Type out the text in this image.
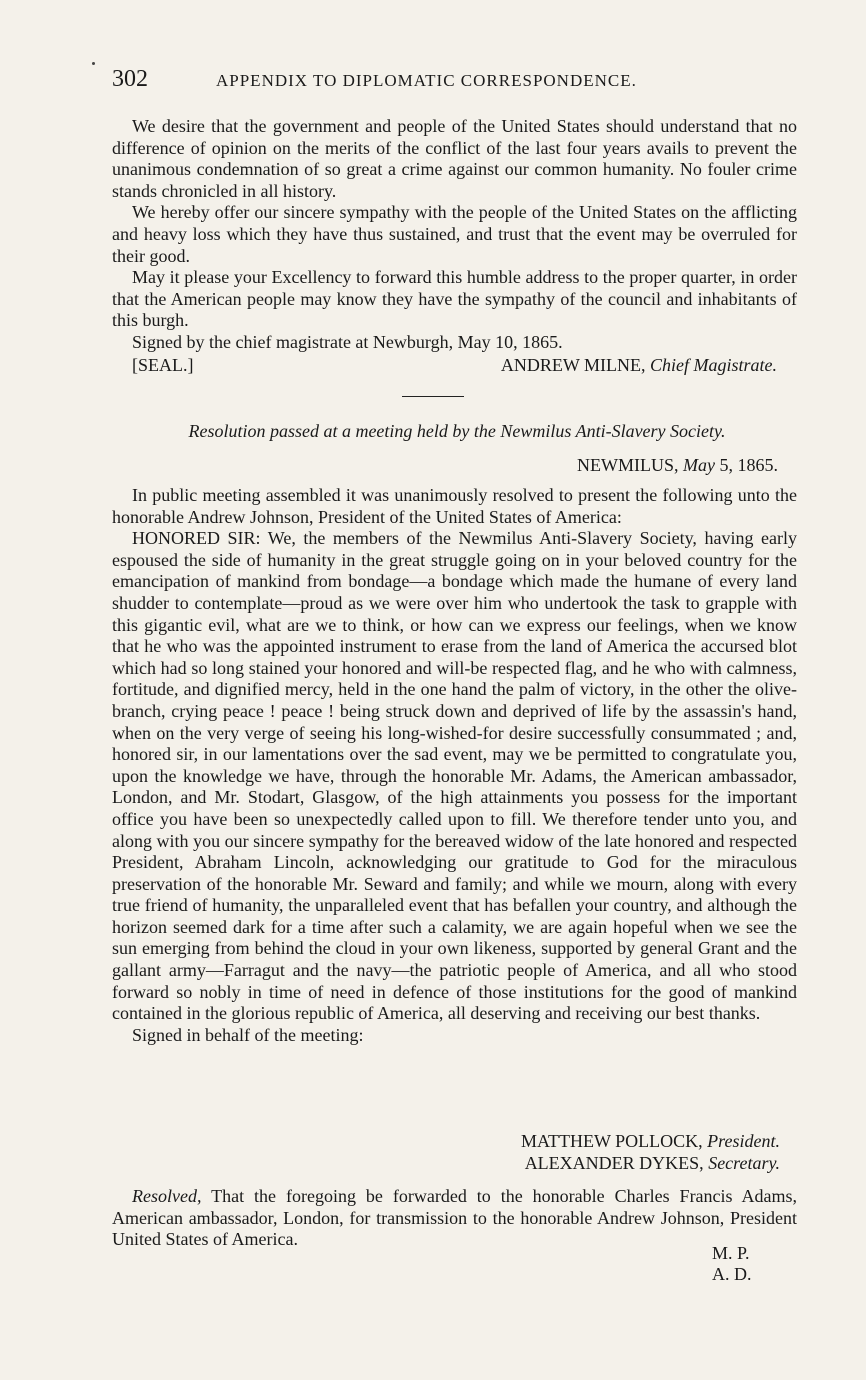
302	APPENDIX TO DIPLOMATIC CORRESPONDENCE.

We desire that the government and people of the United States should understand that no difference of opinion on the merits of the conflict of the last four years avails to prevent the unanimous condemnation of so great a crime against our common humanity. No fouler crime stands chronicled in all history.

We hereby offer our sincere sympathy with the people of the United States on the afflicting and heavy loss which they have thus sustained, and trust that the event may be overruled for their good.

May it please your Excellency to forward this humble address to the proper quarter, in order that the American people may know they have the sympathy of the council and inhabitants of this burgh.

Signed by the chief magistrate at Newburgh, May 10, 1865.

[SEAL.]	ANDREW MILNE, Chief Magistrate.
Resolution passed at a meeting held by the Newmilus Anti-Slavery Society.
NEWMILUS, May 5, 1865.

In public meeting assembled it was unanimously resolved to present the following unto the honorable Andrew Johnson, President of the United States of America:

HONORED SIR: We, the members of the Newmilus Anti-Slavery Society, having early espoused the side of humanity in the great struggle going on in your beloved country for the emancipation of mankind from bondage—a bondage which made the humane of every land shudder to contemplate—proud as we were over him who undertook the task to grapple with this gigantic evil, what are we to think, or how can we express our feelings, when we know that he who was the appointed instrument to erase from the land of America the accursed blot which had so long stained your honored and will-be respected flag, and he who with calmness, fortitude, and dignified mercy, held in the one hand the palm of victory, in the other the olive-branch, crying peace ! peace ! being struck down and deprived of life by the assassin's hand, when on the very verge of seeing his long-wished-for desire successfully consummated ; and, honored sir, in our lamentations over the sad event, may we be permitted to congratulate you, upon the knowledge we have, through the honorable Mr. Adams, the American ambassador, London, and Mr. Stodart, Glasgow, of the high attainments you possess for the important office you have been so unexpectedly called upon to fill. We therefore tender unto you, and along with you our sincere sympathy for the bereaved widow of the late honored and respected President, Abraham Lincoln, acknowledging our gratitude to God for the miraculous preservation of the honorable Mr. Seward and family; and while we mourn, along with every true friend of humanity, the unparalleled event that has befallen your country, and although the horizon seemed dark for a time after such a calamity, we are again hopeful when we see the sun emerging from behind the cloud in your own likeness, supported by general Grant and the gallant army—Farragut and the navy—the patriotic people of America, and all who stood forward so nobly in time of need in defence of those institutions for the good of mankind contained in the glorious republic of America, all deserving and receiving our best thanks.

Signed in behalf of the meeting:

MATTHEW POLLOCK, President.
ALEXANDER DYKES, Secretary.

Resolved, That the foregoing be forwarded to the honorable Charles Francis Adams, American ambassador, London, for transmission to the honorable Andrew Johnson, President United States of America.

M. P.
A. D.
